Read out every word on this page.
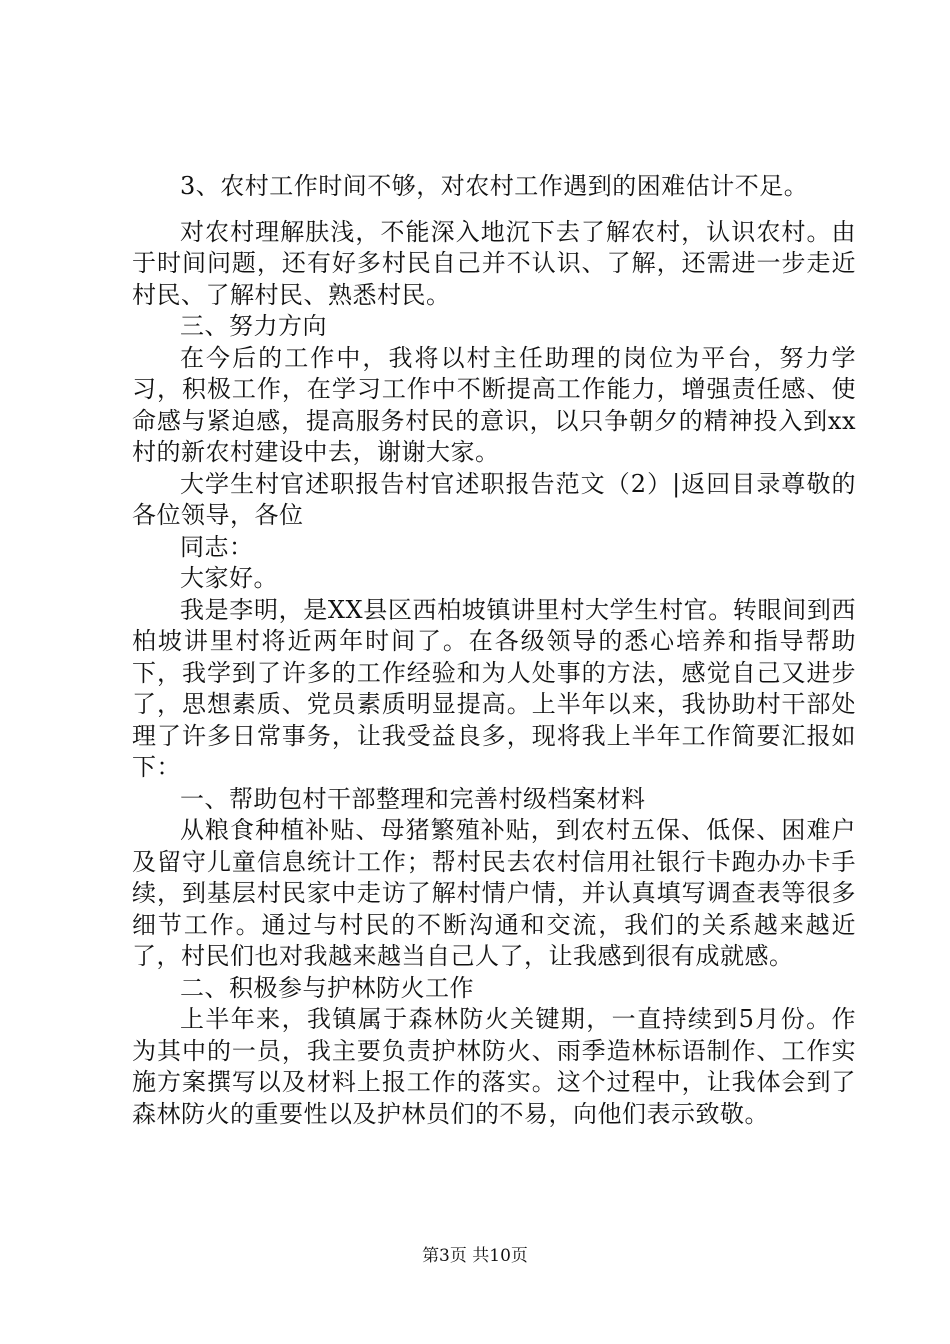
3、农村工作时间不够，对农村工作遇到的困难估计不足。

对农村理解肤浅，不能深入地沉下去了解农村，认识农村。由于时间问题，还有好多村民自己并不认识、了解，还需进一步走近村民、了解村民、熟悉村民。

三、努力方向

在今后的工作中，我将以村主任助理的岗位为平台，努力学习，积极工作，在学习工作中不断提高工作能力，增强责任感、使命感与紧迫感，提高服务村民的意识，以只争朝夕的精神投入到xx村的新农村建设中去，谢谢大家。

大学生村官述职报告村官述职报告范文（2）|返回目录尊敬的各位领导，各位

同志：

大家好。

我是李明，是XX县区西柏坡镇讲里村大学生村官。转眼间到西柏坡讲里村将近两年时间了。在各级领导的悉心培养和指导帮助下，我学到了许多的工作经验和为人处事的方法，感觉自己又进步了，思想素质、党员素质明显提高。上半年以来，我协助村干部处理了许多日常事务，让我受益良多，现将我上半年工作简要汇报如下：

一、帮助包村干部整理和完善村级档案材料

从粮食种植补贴、母猪繁殖补贴，到农村五保、低保、困难户及留守儿童信息统计工作；帮村民去农村信用社银行卡跑办办卡手续，到基层村民家中走访了解村情户情，并认真填写调查表等很多细节工作。通过与村民的不断沟通和交流，我们的关系越来越近了，村民们也对我越来越当自己人了，让我感到很有成就感。

二、积极参与护林防火工作

上半年来，我镇属于森林防火关键期，一直持续到5月份。作为其中的一员，我主要负责护林防火、雨季造林标语制作、工作实施方案撰写以及材料上报工作的落实。这个过程中，让我体会到了森林防火的重要性以及护林员们的不易，向他们表示致敬。

第3页 共10页
